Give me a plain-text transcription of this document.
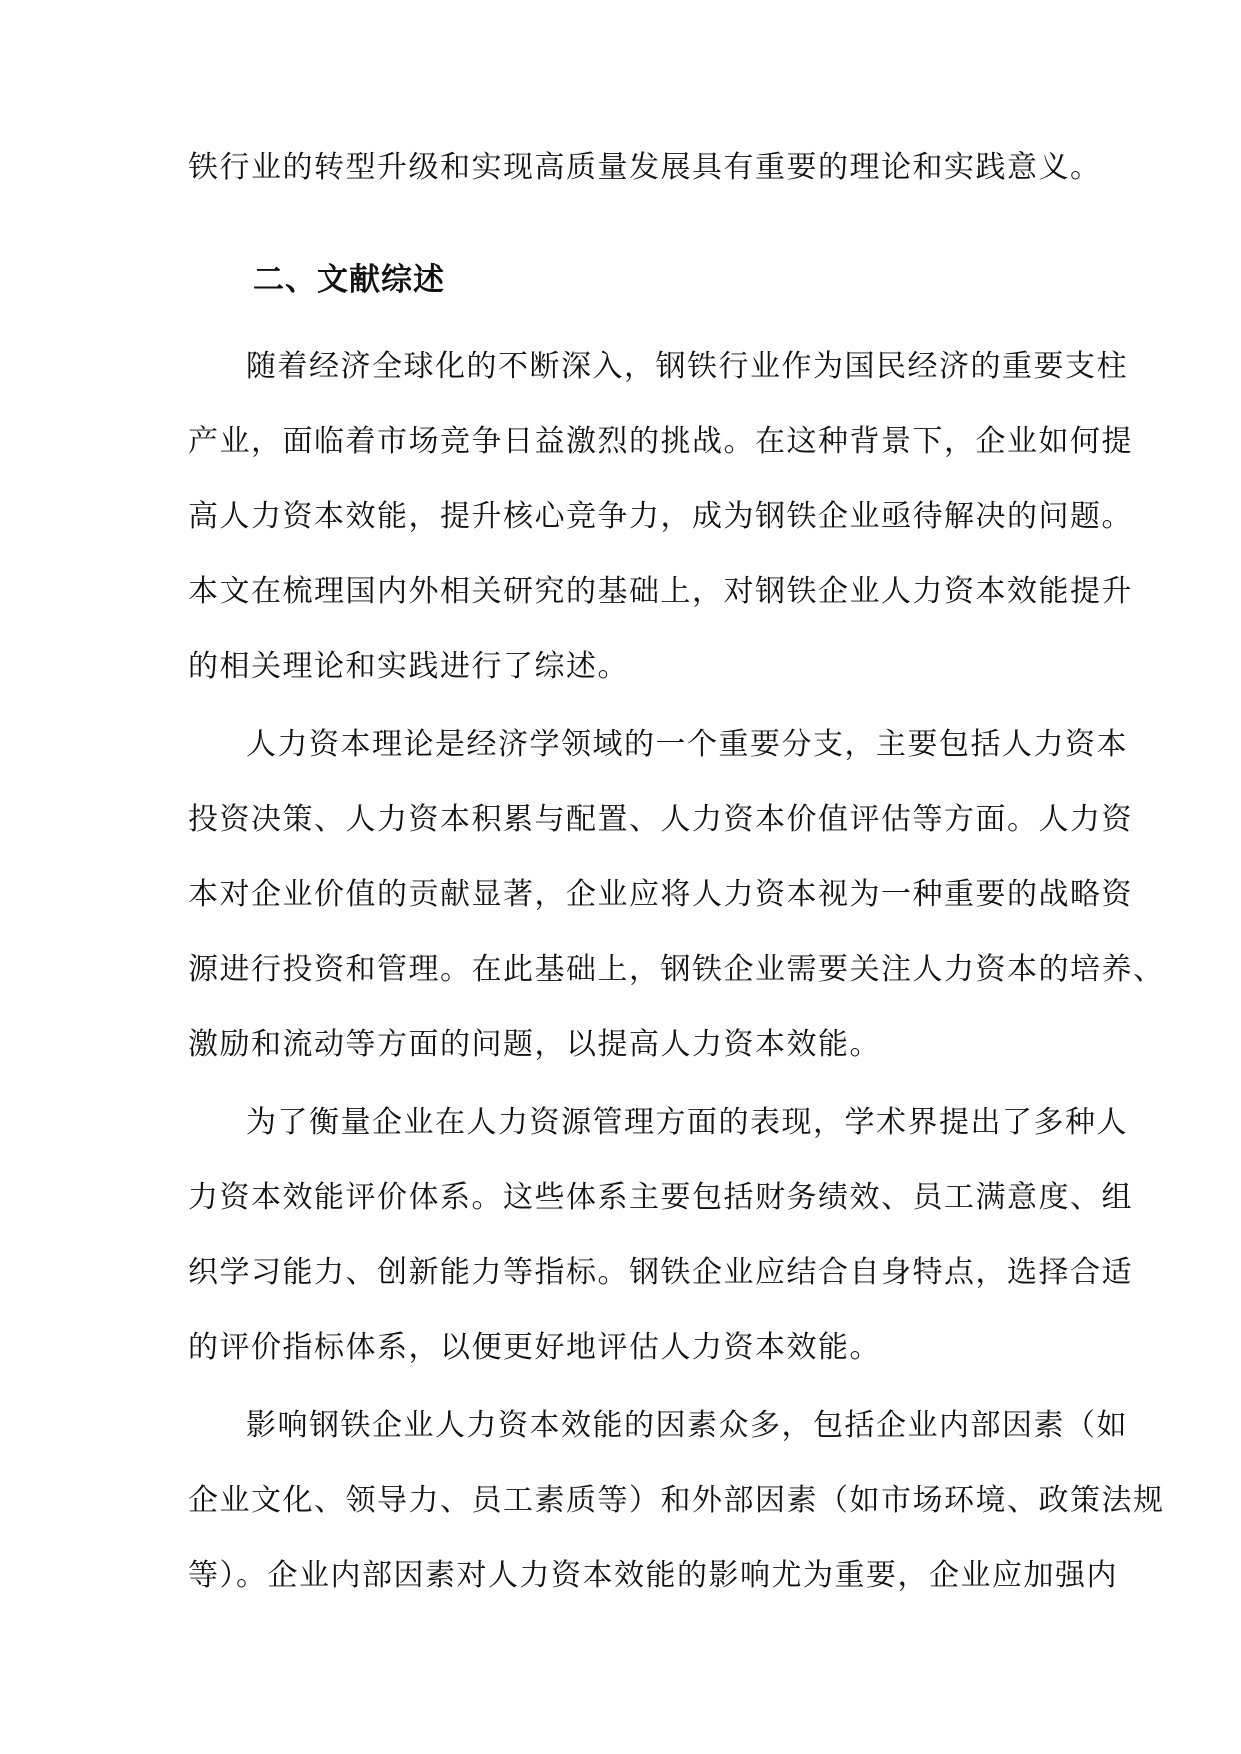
铁行业的转型升级和实现高质量发展具有重要的理论和实践意义。
二、文献综述
随着经济全球化的不断深入，钢铁行业作为国民经济的重要支柱
产业，面临着市场竞争日益激烈的挑战。在这种背景下，企业如何提
高人力资本效能，提升核心竞争力，成为钢铁企业亟待解决的问题。
本文在梳理国内外相关研究的基础上，对钢铁企业人力资本效能提升
的相关理论和实践进行了综述。
人力资本理论是经济学领域的一个重要分支，主要包括人力资本
投资决策、人力资本积累与配置、人力资本价值评估等方面。人力资
本对企业价值的贡献显著，企业应将人力资本视为一种重要的战略资
源进行投资和管理。在此基础上，钢铁企业需要关注人力资本的培养、
激励和流动等方面的问题，以提高人力资本效能。
为了衡量企业在人力资源管理方面的表现，学术界提出了多种人
力资本效能评价体系。这些体系主要包括财务绩效、员工满意度、组
织学习能力、创新能力等指标。钢铁企业应结合自身特点，选择合适
的评价指标体系，以便更好地评估人力资本效能。
影响钢铁企业人力资本效能的因素众多，包括企业内部因素（如
企业文化、领导力、员工素质等）和外部因素（如市场环境、政策法规
等）。企业内部因素对人力资本效能的影响尤为重要，企业应加强内
